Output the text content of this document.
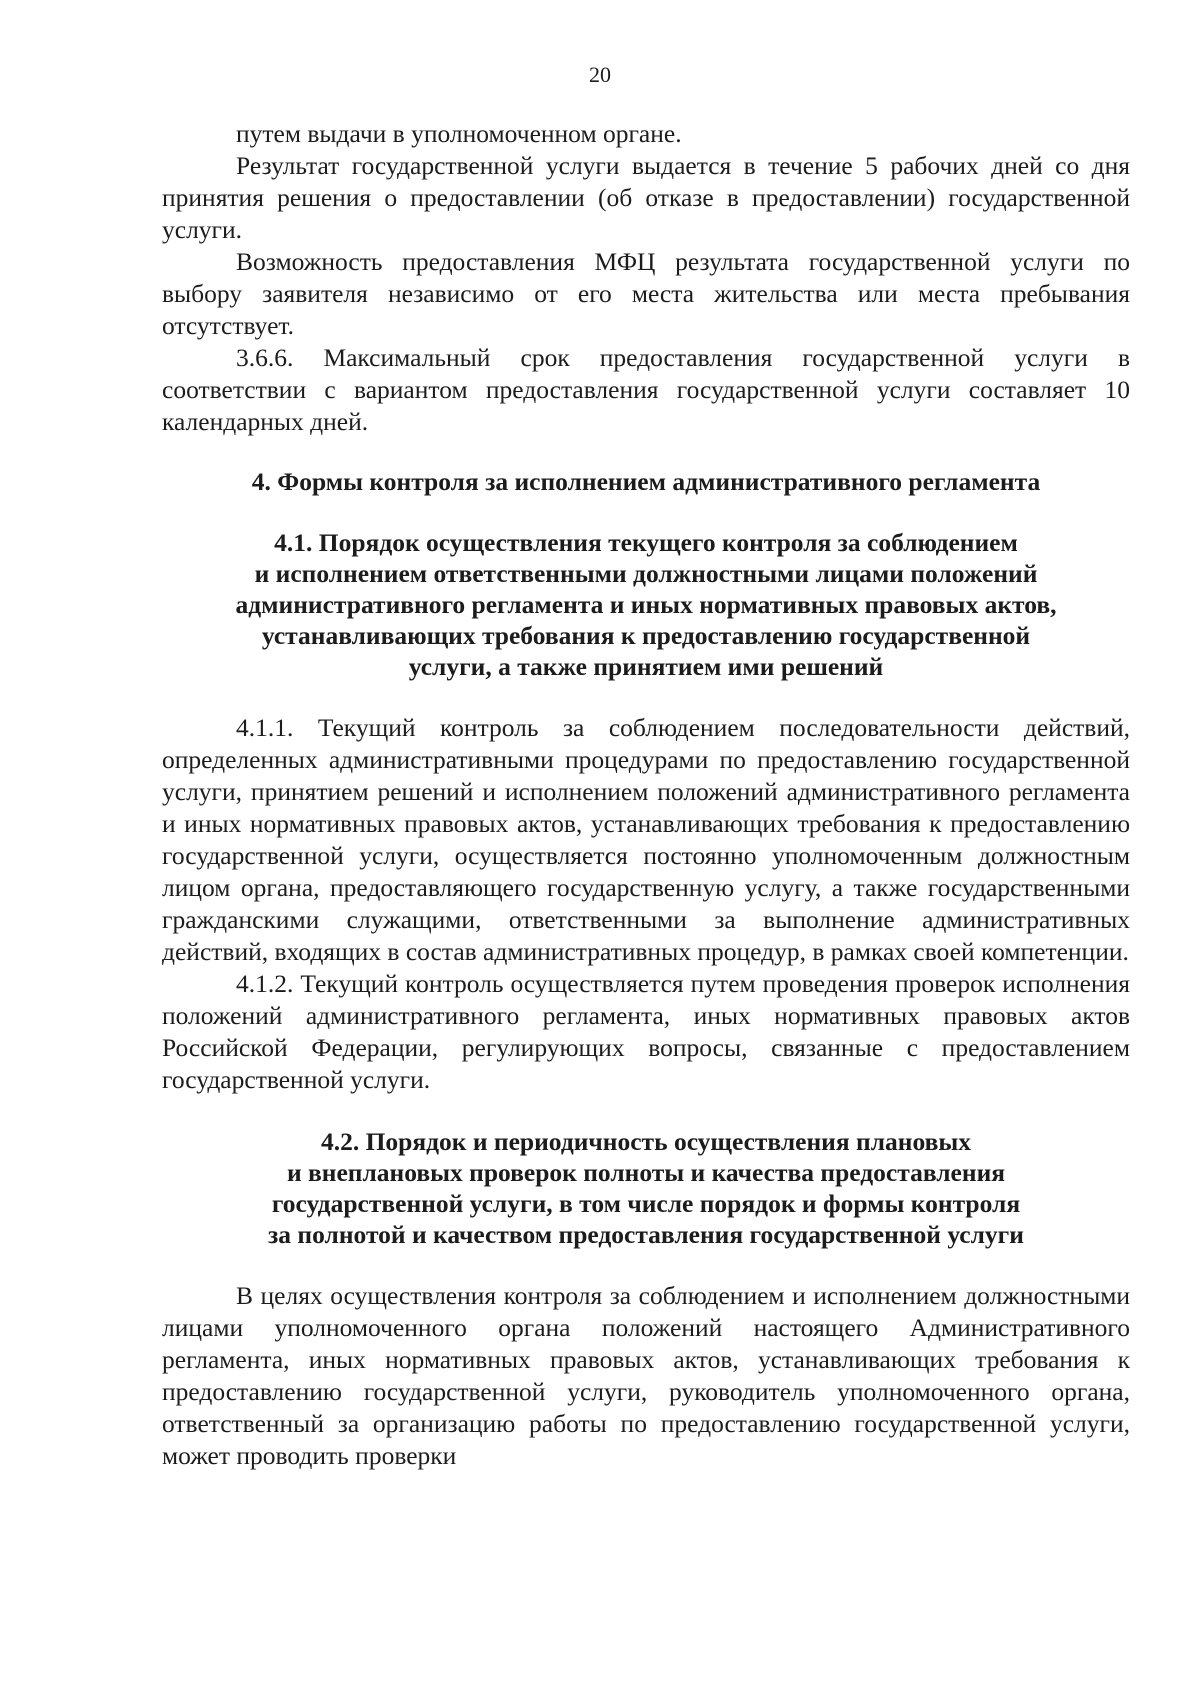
20

путем выдачи в уполномоченном органе.

Результат государственной услуги выдается в течение 5 рабочих дней со дня принятия решения о предоставлении (об отказе в предоставлении) государственной услуги.

Возможность предоставления МФЦ результата государственной услуги по выбору заявителя независимо от его места жительства или места пребывания отсутствует.

3.6.6. Максимальный срок предоставления государственной услуги в соответствии с вариантом предоставления государственной услуги составляет 10 календарных дней.

4. Формы контроля за исполнением административного регламента
4.1. Порядок осуществления текущего контроля за соблюдением
и исполнением ответственными должностными лицами положений
административного регламента и иных нормативных правовых актов,
устанавливающих требования к предоставлению государственной
услуги, а также принятием ими решений

4.1.1. Текущий контроль за соблюдением последовательности действий, определенных административными процедурами по предоставлению государственной услуги, принятием решений и исполнением положений административного регламента и иных нормативных правовых актов, устанавливающих требования к предоставлению государственной услуги, осуществляется постоянно уполномоченным должностным лицом органа, предоставляющего государственную услугу, а также государственными гражданскими служащими, ответственными за выполнение административных действий, входящих в состав административных процедур, в рамках своей компетенции.

4.1.2. Текущий контроль осуществляется путем проведения проверок исполнения положений административного регламента, иных нормативных правовых актов Российской Федерации, регулирующих вопросы, связанные с предоставлением государственной услуги.

4.2. Порядок и периодичность осуществления плановых
и внеплановых проверок полноты и качества предоставления
государственной услуги, в том числе порядок и формы контроля
за полнотой и качеством предоставления государственной услуги

В целях осуществления контроля за соблюдением и исполнением должностными лицами уполномоченного органа положений настоящего Административного регламента, иных нормативных правовых актов, устанавливающих требования к предоставлению государственной услуги, руководитель уполномоченного органа, ответственный за организацию работы по предоставлению государственной услуги, может проводить проверки
